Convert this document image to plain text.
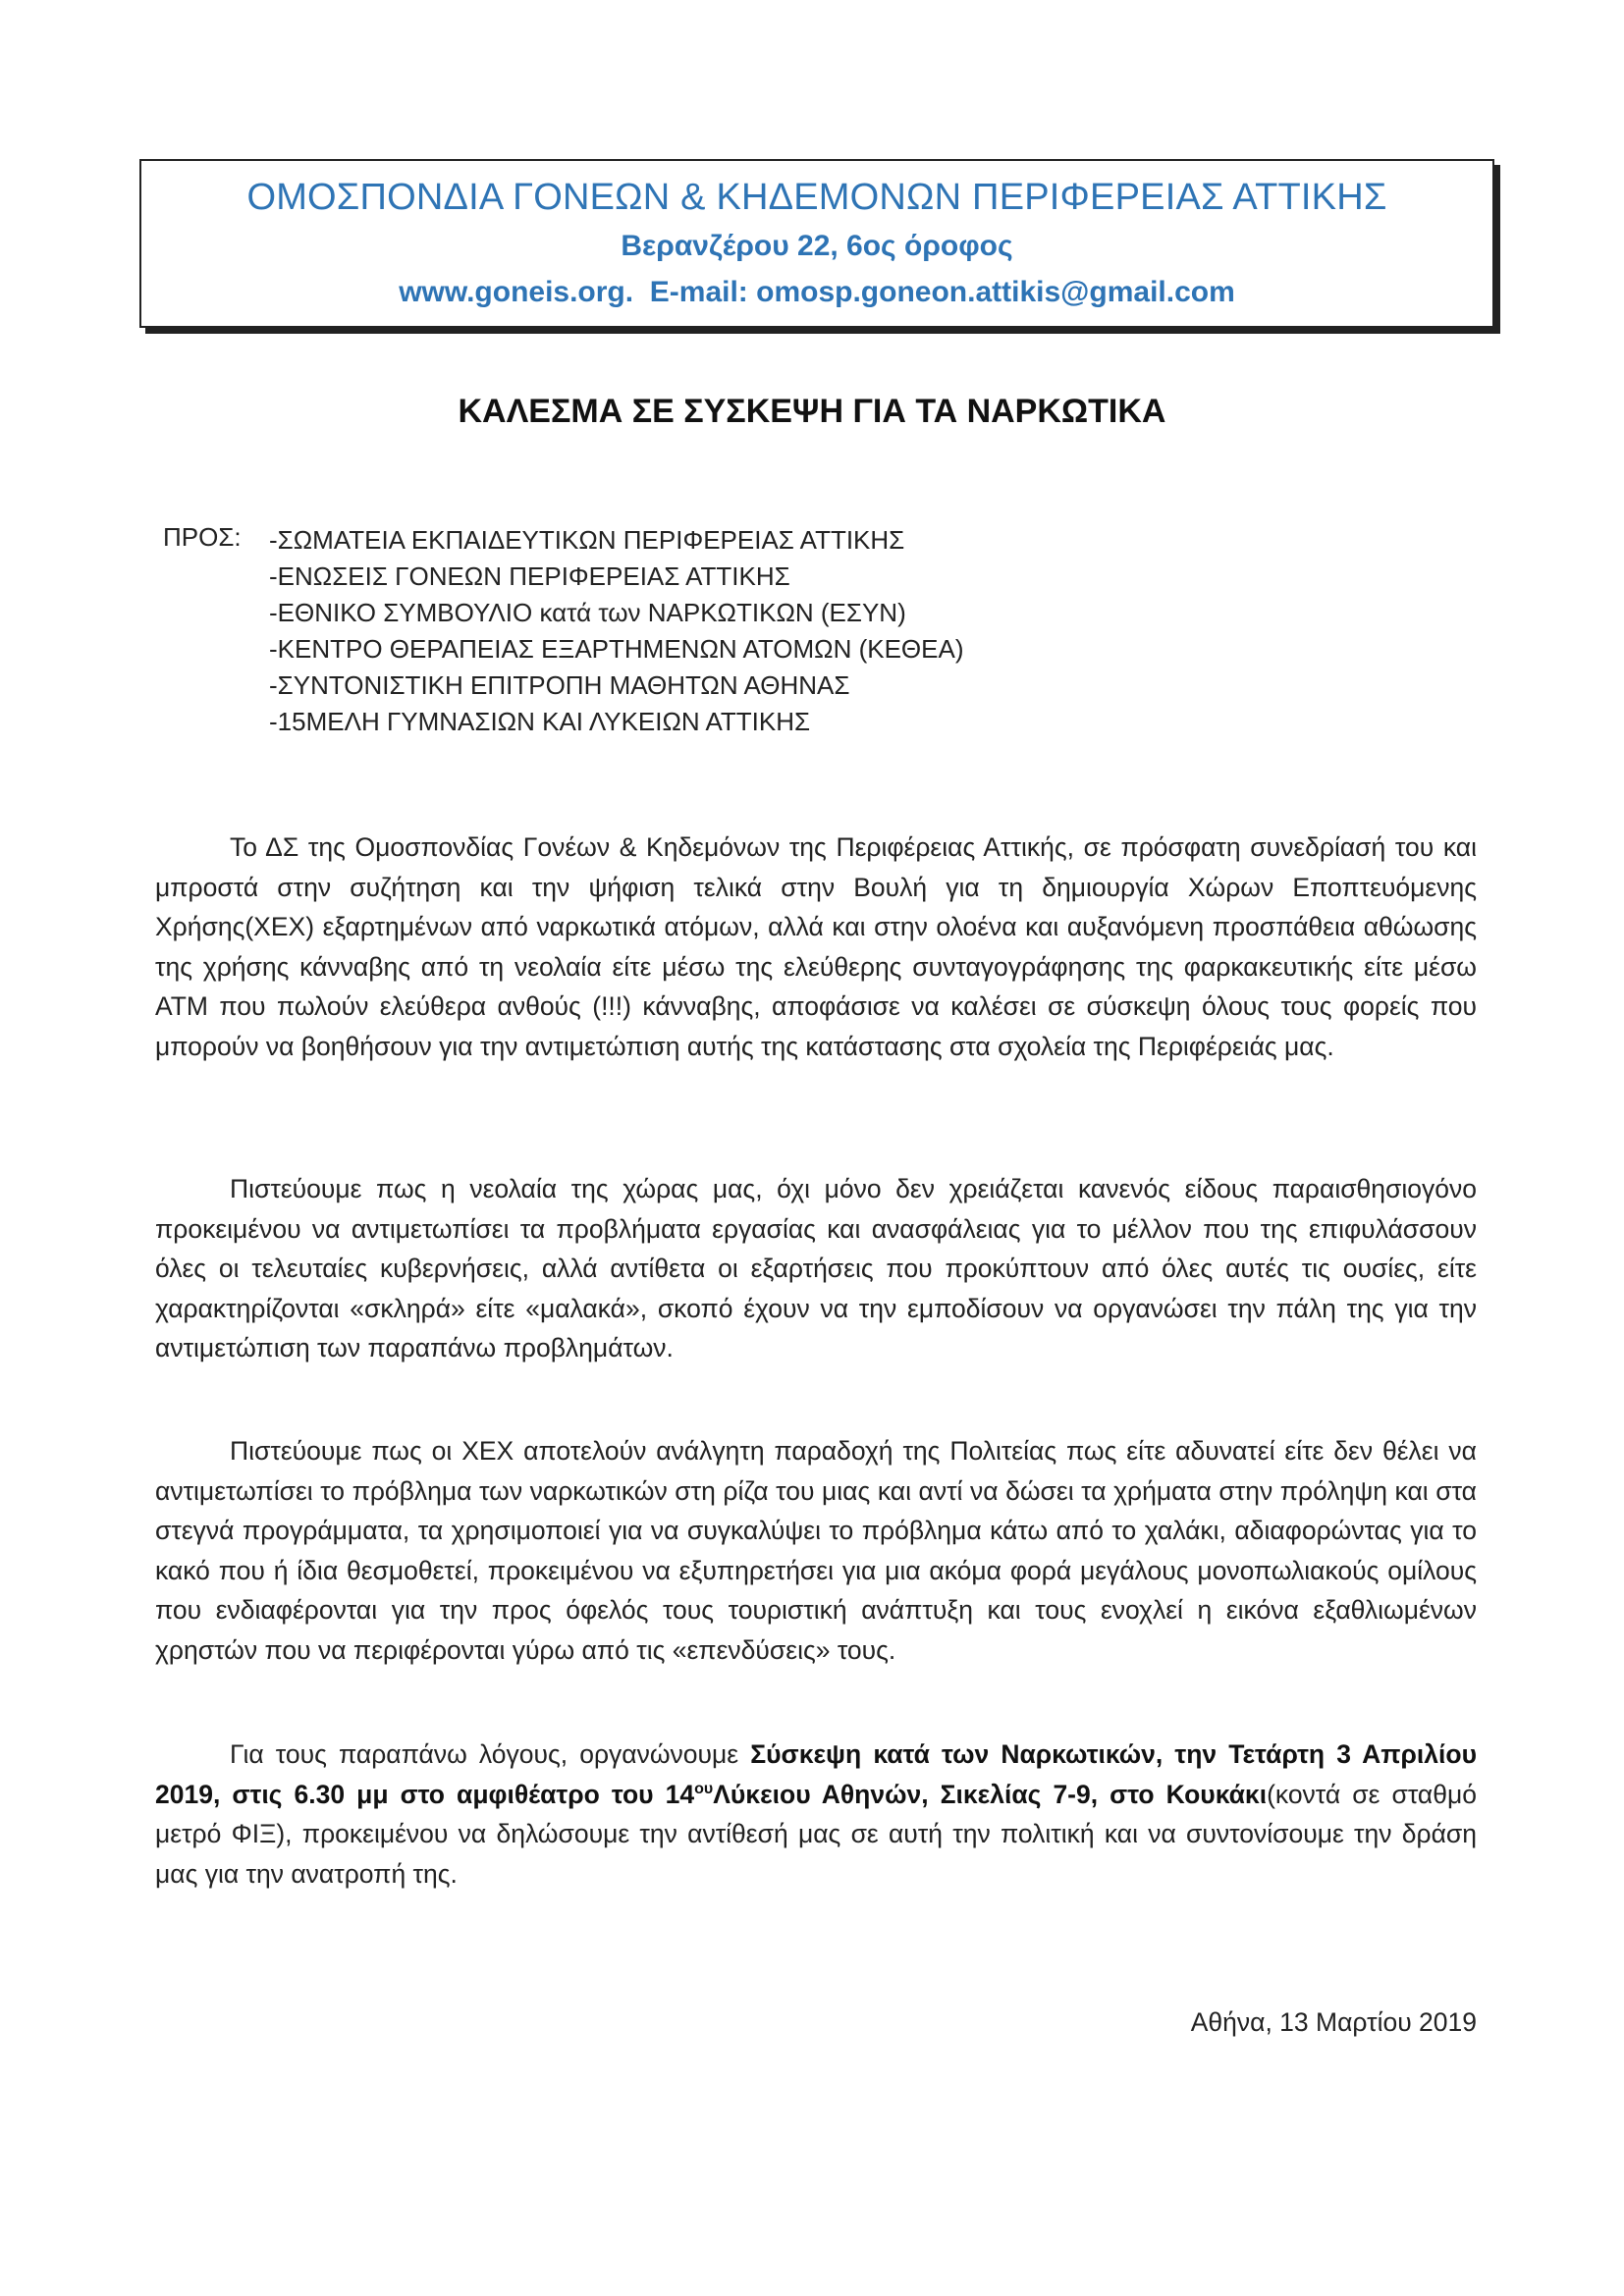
ΟΜΟΣΠΟΝΔΙΑ ΓΟΝΕΩΝ & ΚΗΔΕΜΟΝΩΝ ΠΕΡΙΦΕΡΕΙΑΣ ΑΤΤΙΚΗΣ
Βερανζέρου 22, 6ος όροφος
www.goneis.org. E-mail: omosp.goneon.attikis@gmail.com
ΚΑΛΕΣΜΑ ΣΕ ΣΥΣΚΕΨΗ ΓΙΑ ΤΑ ΝΑΡΚΩΤΙΚΑ
ΠΡΟΣ:	-ΣΩΜΑΤΕΙΑ ΕΚΠΑΙΔΕΥΤΙΚΩΝ ΠΕΡΙΦΕΡΕΙΑΣ ΑΤΤΙΚΗΣ
-ΕΝΩΣΕΙΣ ΓΟΝΕΩΝ ΠΕΡΙΦΕΡΕΙΑΣ ΑΤΤΙΚΗΣ
-ΕΘΝΙΚΟ ΣΥΜΒΟΥΛΙΟ κατά των ΝΑΡΚΩΤΙΚΩΝ (ΕΣΥΝ)
-ΚΕΝΤΡΟ ΘΕΡΑΠΕΙΑΣ ΕΞΑΡΤΗΜΕΝΩΝ ΑΤΟΜΩΝ (ΚΕΘΕΑ)
-ΣΥΝΤΟΝΙΣΤΙΚΗ ΕΠΙΤΡΟΠΗ ΜΑΘΗΤΩΝ ΑΘΗΝΑΣ
-15ΜΕΛΗ ΓΥΜΝΑΣΙΩΝ ΚΑΙ ΛΥΚΕΙΩΝ ΑΤΤΙΚΗΣ

Το ΔΣ της Ομοσπονδίας Γονέων & Κηδεμόνων της Περιφέρειας Αττικής, σε πρόσφατη συνεδρίασή του και μπροστά στην συζήτηση και την ψήφιση τελικά στην Βουλή για τη δημιουργία Χώρων Εποπτευόμενης Χρήσης(ΧΕΧ) εξαρτημένων από ναρκωτικά ατόμων, αλλά και στην ολοένα και αυξανόμενη προσπάθεια αθώωσης της χρήσης κάνναβης από τη νεολαία είτε μέσω της ελεύθερης συνταγογράφησης της φαρκακευτικής είτε μέσω ΑΤΜ που πωλούν ελεύθερα ανθούς (!!!) κάνναβης, αποφάσισε να καλέσει σε σύσκεψη όλους τους φορείς που μπορούν να βοηθήσουν για την αντιμετώπιση αυτής της κατάστασης στα σχολεία της Περιφέρειάς μας.

Πιστεύουμε πως η νεολαία της χώρας μας, όχι μόνο δεν χρειάζεται κανενός είδους παραισθησιογόνο προκειμένου να αντιμετωπίσει τα προβλήματα εργασίας και ανασφάλειας για το μέλλον που της επιφυλάσσουν όλες οι τελευταίες κυβερνήσεις, αλλά αντίθετα οι εξαρτήσεις που προκύπτουν από όλες αυτές τις ουσίες, είτε χαρακτηρίζονται «σκληρά» είτε «μαλακά», σκοπό έχουν να την εμποδίσουν να οργανώσει την πάλη της για την αντιμετώπιση των παραπάνω προβλημάτων.

Πιστεύουμε πως οι ΧΕΧ αποτελούν ανάλγητη παραδοχή της Πολιτείας πως είτε αδυνατεί είτε δεν θέλει να αντιμετωπίσει το πρόβλημα των ναρκωτικών στη ρίζα του μιας και αντί να δώσει τα χρήματα στην πρόληψη και στα στεγνά προγράμματα, τα χρησιμοποιεί για να συγκαλύψει το πρόβλημα κάτω από το χαλάκι, αδιαφορώντας για το κακό που ή ίδια θεσμοθετεί, προκειμένου να εξυπηρετήσει για μια ακόμα φορά μεγάλους μονοπωλιακούς ομίλους που ενδιαφέρονται για την προς όφελός τους τουριστική ανάπτυξη και τους ενοχλεί η εικόνα εξαθλιωμένων χρηστών που να περιφέρονται γύρω από τις «επενδύσεις» τους.

Για τους παραπάνω λόγους, οργανώνουμε Σύσκεψη κατά των Ναρκωτικών, την Τετάρτη 3 Απριλίου 2019, στις 6.30 μμ στο αμφιθέατρο του $14^{o\upsilon}\Lambda ύ\kappa\varepsilon\iota o\upsilon$ Αθηνών, Σικελίας 7-9, στο Κουκάκι(κοντά σε σταθμό μετρό ΦΙΞ), προκειμένου να δηλώσουμε την αντίθεσή μας σε αυτή την πολιτική και να συντονίσουμε την δράση μας για την ανατροπή της.

Αθήνα, 13 Μαρτίου 2019
